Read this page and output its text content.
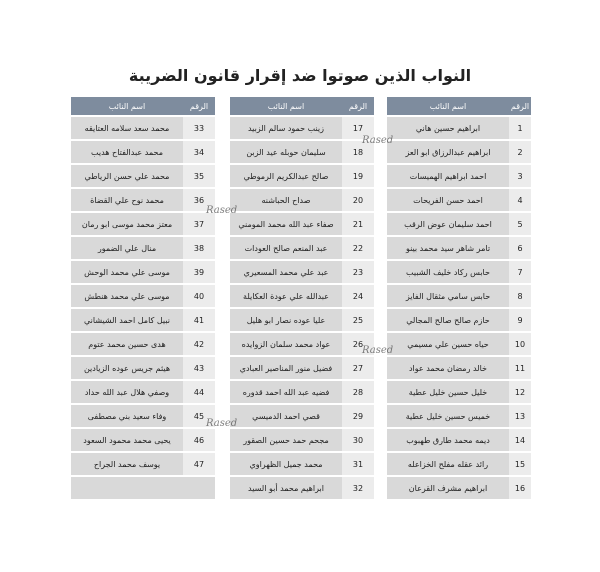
النواب الذين صوتوا ضد إقرار قانون الضريبة
الرقم	اسم النائب
1	ابراهيم حسين هاني
2	ابراهيم عبدالرزاق ابو العز
3	احمد ابراهيم الهميسات
4	احمد حسن الفريحات
5	احمد سليمان عوض الرقب
6	تامر شاهر سيد محمد بينو
7	حابس ركاد خليف الشبيب
8	حابس سامي مثقال الفايز
9	حازم صالح صالح المجالي
10	حياه حسين علي مسيمي
11	خالد رمضان محمد عواد
12	خليل حسين خليل عطية
13	خميس حسين خليل عطية
14	ديمه محمد طارق طهبوب
15	رائد عقله مفلح الخزاعله
16	ابراهيم مشرف القرعان
الرقم	اسم النائب
17	زينب حمود سالم الزبيد
18	سليمان حوبله عيد الزبن
19	صالح عبدالكريم الرموطي
20	صداح الحباشنه
21	صفاء عبد الله محمد المومني
22	عبد المنعم صالح العودات
23	عبد علي محمد المسعيري
24	عبدالله علي عودة العكايلة
25	عليا عوده نصار ابو هليل
26	عواد محمد سلمان الزوايده
27	فضيل منور المناصير العبادي
28	فضيه عبد الله احمد قدوره
29	قصي احمد الدميسي
30	مجحم حمد حسين الصقور
31	محمد جميل الظهراوي
32	ابراهيم محمد أبو السيد
الرقم	اسم النائب
33	محمد سعد سلامه العتايقه
34	محمد عبدالفتاح هديب
35	محمد علي حسن الرياطي
36	محمد نوح علي القضاة
37	معتز محمد موسى ابو رمان
38	منال علي الضمور
39	موسى علي محمد الوحش
40	موسى علي محمد هنطش
41	نبيل كامل احمد الشيشاني
42	هدى حسين محمد عتوم
43	هيثم جريس عوده الزيادين
44	وصفي هلال عبد الله حداد
45	وفاء سعيد بني مصطفى
46	يحيى محمد محمود السعود
47	يوسف محمد الجراح

Rased
Rased
Rased
Rased
